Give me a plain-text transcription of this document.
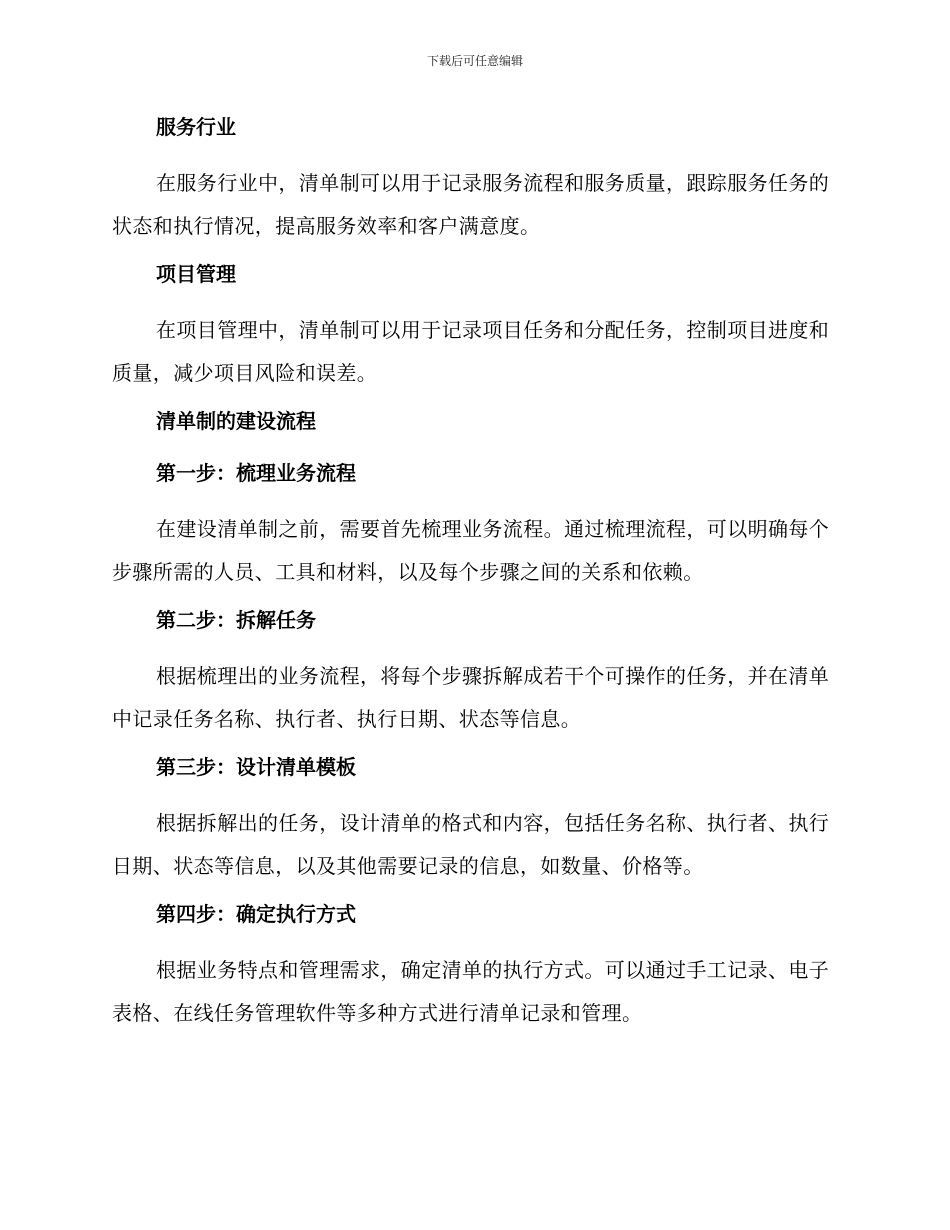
下载后可任意编辑
服务行业

在服务行业中，清单制可以用于记录服务流程和服务质量，跟踪服务任务的状态和执行情况，提高服务效率和客户满意度。

项目管理

在项目管理中，清单制可以用于记录项目任务和分配任务，控制项目进度和质量，减少项目风险和误差。

清单制的建设流程
第一步：梳理业务流程

在建设清单制之前，需要首先梳理业务流程。通过梳理流程，可以明确每个步骤所需的人员、工具和材料，以及每个步骤之间的关系和依赖。

第二步：拆解任务

根据梳理出的业务流程，将每个步骤拆解成若干个可操作的任务，并在清单中记录任务名称、执行者、执行日期、状态等信息。

第三步：设计清单模板

根据拆解出的任务，设计清单的格式和内容，包括任务名称、执行者、执行日期、状态等信息，以及其他需要记录的信息，如数量、价格等。

第四步：确定执行方式

根据业务特点和管理需求，确定清单的执行方式。可以通过手工记录、电子表格、在线任务管理软件等多种方式进行清单记录和管理。
